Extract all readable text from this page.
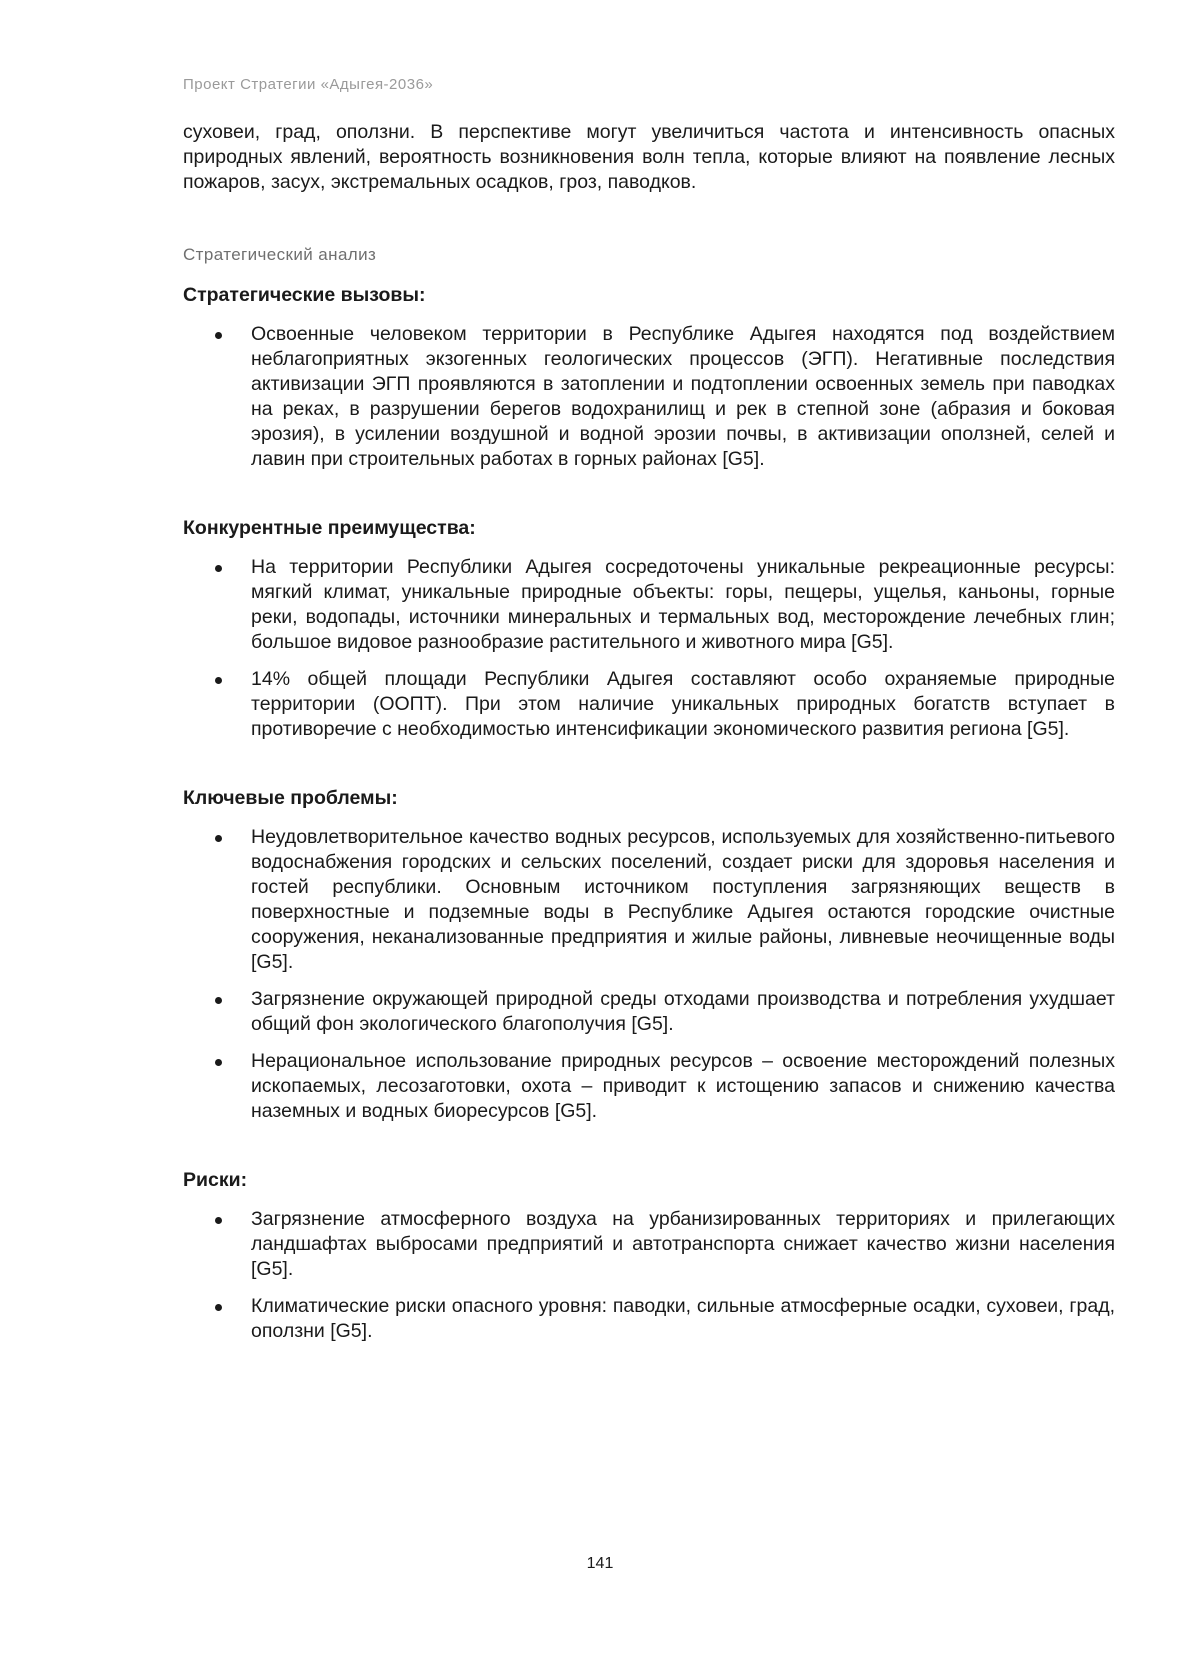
Проект Стратегии «Адыгея-2036»

суховеи, град, оползни. В перспективе могут увеличиться частота и интенсивность опасных природных явлений, вероятность возникновения волн тепла, которые влияют на появление лесных пожаров, засух, экстремальных осадков, гроз, паводков.

Стратегический анализ
Стратегические вызовы:
Освоенные человеком территории в Республике Адыгея находятся под воздействием неблагоприятных экзогенных геологических процессов (ЭГП). Негативные последствия активизации ЭГП проявляются в затоплении и подтоплении освоенных земель при паводках на реках, в разрушении берегов водохранилищ и рек в степной зоне (абразия и боковая эрозия), в усилении воздушной и водной эрозии почвы, в активизации оползней, селей и лавин при строительных работах в горных районах [G5].
Конкурентные преимущества:
На территории Республики Адыгея сосредоточены уникальные рекреационные ресурсы: мягкий климат, уникальные природные объекты: горы, пещеры, ущелья, каньоны, горные реки, водопады, источники минеральных и термальных вод, месторождение лечебных глин; большое видовое разнообразие растительного и животного мира [G5].
14% общей площади Республики Адыгея составляют особо охраняемые природные территории (ООПТ). При этом наличие уникальных природных богатств вступает в противоречие с необходимостью интенсификации экономического развития региона [G5].
Ключевые проблемы:
Неудовлетворительное качество водных ресурсов, используемых для хозяйственно-питьевого водоснабжения городских и сельских поселений, создает риски для здоровья населения и гостей республики. Основным источником поступления загрязняющих веществ в поверхностные и подземные воды в Республике Адыгея остаются городские очистные сооружения, неканализованные предприятия и жилые районы, ливневые неочищенные воды [G5].
Загрязнение окружающей природной среды отходами производства и потребления ухудшает общий фон экологического благополучия [G5].
Нерациональное использование природных ресурсов – освоение месторождений полезных ископаемых, лесозаготовки, охота – приводит к истощению запасов и снижению качества наземных и водных биоресурсов [G5].
Риски:
Загрязнение атмосферного воздуха на урбанизированных территориях и прилегающих ландшафтах выбросами предприятий и автотранспорта снижает качество жизни населения [G5].
Климатические риски опасного уровня: паводки, сильные атмосферные осадки, суховеи, град, оползни [G5].
141
